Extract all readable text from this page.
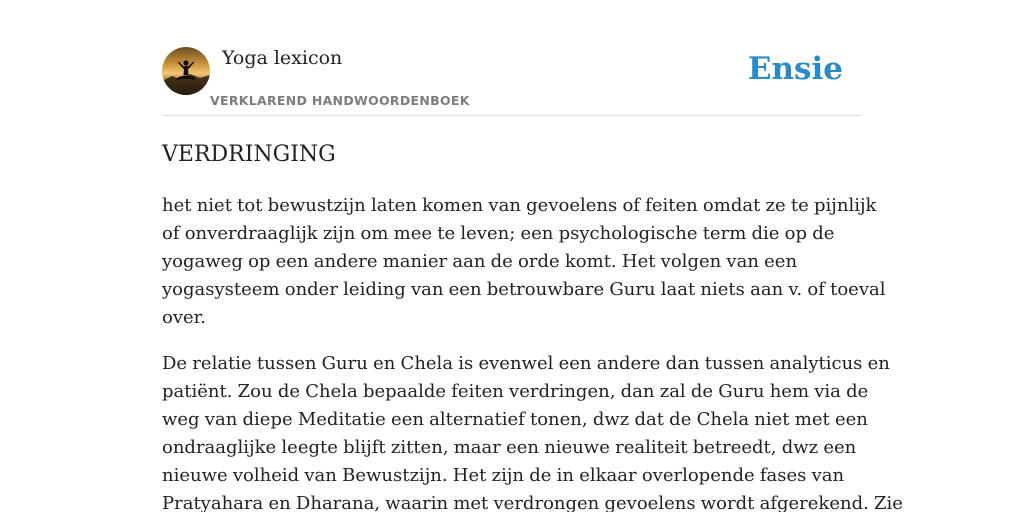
Yoga lexicon
VERKLAREND HANDWOORDENBOEK
Ensie
VERDRINGING

het niet tot bewustzijn laten komen van gevoelens of feiten omdat ze te pijnlijk
of onverdraaglijk zijn om mee te leven; een psychologische term die op de
yogaweg op een andere manier aan de orde komt. Het volgen van een
yogasysteem onder leiding van een betrouwbare Guru laat niets aan v. of toeval
over.

De relatie tussen Guru en Chela is evenwel een andere dan tussen analyticus en
patiënt. Zou de Chela bepaalde feiten verdringen, dan zal de Guru hem via de
weg van diepe Meditatie een alternatief tonen, dwz dat de Chela niet met een
ondraaglijke leegte blijft zitten, maar een nieuwe realiteit betreedt, dwz een
nieuwe volheid van Bewustzijn. Het zijn de in elkaar overlopende fases van
Pratyahara en Dharana, waarin met verdrongen gevoelens wordt afgerekend. Zie
